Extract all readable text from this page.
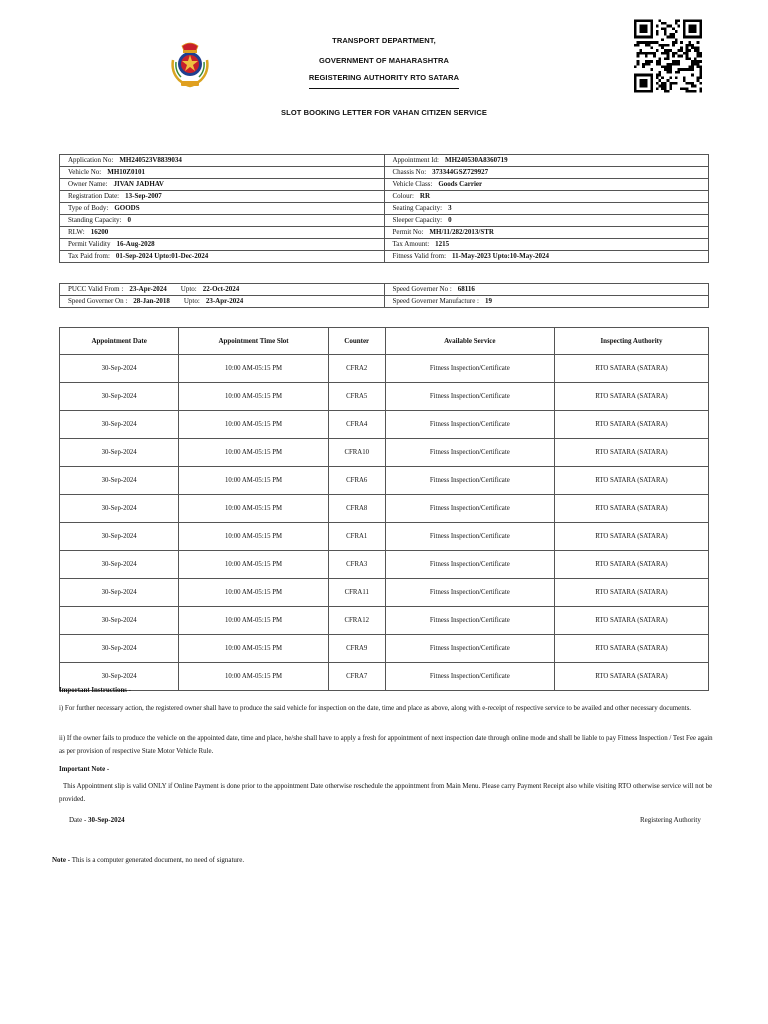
TRANSPORT DEPARTMENT,
GOVERNMENT OF MAHARASHTRA
REGISTERING AUTHORITY RTO SATARA
SLOT BOOKING LETTER FOR VAHAN CITIZEN SERVICE
Application No: MH240523V8839034	Appointment Id: MH240530A8360719
Vehicle No: MH10Z0101	Chassis No: 373344GSZ729927
Owner Name: JIVAN JADHAV	Vehicle Class: Goods Carrier
Registration Date: 13-Sep-2007	Colour: RR
Type of Body: GOODS	Seating Capacity: 3
Standing Capacity: 0	Sleeper Capacity: 0
RLW: 16200	Permit No: MH/11/282/2013/STR
Permit Validity 16-Aug-2028	Tax Amount: 1215
Tax Paid from: 01-Sep-2024 Upto:01-Dec-2024	Fitness Valid from: 11-May-2023 Upto:10-May-2024
PUCC Valid From : 23-Apr-2024 Upto: 22-Oct-2024	Speed Governer No : 68116
Speed Governer On : 28-Jan-2018 Upto: 23-Apr-2024	Speed Governer Manufacture : 19
Appointment Date	Appointment Time Slot	Counter	Available Service	Inspecting Authority
30-Sep-2024	10:00 AM-05:15 PM	CFRA2	Fitness Inspection/Certificate	RTO SATARA (SATARA)
30-Sep-2024	10:00 AM-05:15 PM	CFRA5	Fitness Inspection/Certificate	RTO SATARA (SATARA)
30-Sep-2024	10:00 AM-05:15 PM	CFRA4	Fitness Inspection/Certificate	RTO SATARA (SATARA)
30-Sep-2024	10:00 AM-05:15 PM	CFRA10	Fitness Inspection/Certificate	RTO SATARA (SATARA)
30-Sep-2024	10:00 AM-05:15 PM	CFRA6	Fitness Inspection/Certificate	RTO SATARA (SATARA)
30-Sep-2024	10:00 AM-05:15 PM	CFRA8	Fitness Inspection/Certificate	RTO SATARA (SATARA)
30-Sep-2024	10:00 AM-05:15 PM	CFRA1	Fitness Inspection/Certificate	RTO SATARA (SATARA)
30-Sep-2024	10:00 AM-05:15 PM	CFRA3	Fitness Inspection/Certificate	RTO SATARA (SATARA)
30-Sep-2024	10:00 AM-05:15 PM	CFRA11	Fitness Inspection/Certificate	RTO SATARA (SATARA)
30-Sep-2024	10:00 AM-05:15 PM	CFRA12	Fitness Inspection/Certificate	RTO SATARA (SATARA)
30-Sep-2024	10:00 AM-05:15 PM	CFRA9	Fitness Inspection/Certificate	RTO SATARA (SATARA)
30-Sep-2024	10:00 AM-05:15 PM	CFRA7	Fitness Inspection/Certificate	RTO SATARA (SATARA)
Important Instructions -
i) For further necessary action, the registered owner shall have to produce the said vehicle for inspection on the date, time and place as above, along with e-receipt of respective service to be availed and other necessary documents.
ii) If the owner fails to produce the vehicle on the appointed date, time and place, he/she shall have to apply a fresh for appointment of next inspection date through online mode and shall be liable to pay Fitness Inspection / Test Fee again as per provision of respective State Motor Vehicle Rule.
Important Note -
This Appointment slip is valid ONLY if Online Payment is done prior to the appointment Date otherwise reschedule the appointment from Main Menu. Please carry Payment Receipt also while visiting RTO otherwise service will not be provided.
Date - 30-Sep-2024	Registering Authority
Note - This is a computer generated document, no need of signature.
